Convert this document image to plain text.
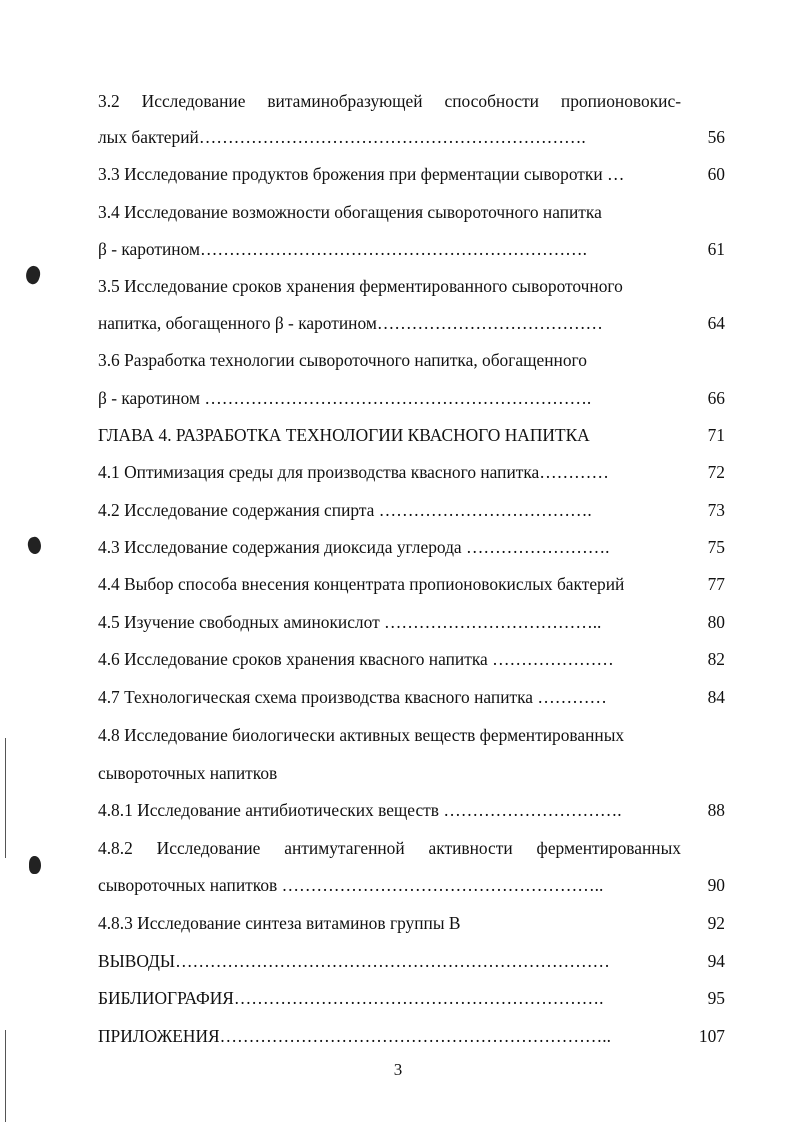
3.2 Исследование витаминобразующей способности пропионовокис-
лых бактерий………………………………………………………….	56
3.3 Исследование продуктов брожения при ферментации сыворотки …	60
3.4 Исследование возможности обогащения сывороточного напитка
β - каротином………………………………………………………….	61
3.5 Исследование сроков хранения ферментированного сывороточного
напитка, обогащенного β - каротином…………………………………	64
3.6 Разработка технологии сывороточного напитка, обогащенного
β - каротином ………………………………………………………….	66
ГЛАВА 4. РАЗРАБОТКА ТЕХНОЛОГИИ КВАСНОГО НАПИТКА	71
4.1 Оптимизация среды для производства квасного напитка…………	72
4.2 Исследование содержания спирта ……………………………….	73
4.3 Исследование содержания диоксида углерода …………………….	75
4.4 Выбор способа внесения концентрата пропионовокислых бактерий	77
4.5 Изучение свободных аминокислот ………………………………..	80
4.6 Исследование сроков хранения квасного напитка …………………	82
4.7 Технологическая схема производства квасного напитка …………	84
4.8 Исследование биологически активных веществ ферментированных
сывороточных напитков
4.8.1 Исследование антибиотических веществ ………………………….	88
4.8.2 Исследование антимутагенной активности ферментированных
сывороточных напитков ………………………………………………..	90
4.8.3 Исследование синтеза витаминов группы В	92
ВЫВОДЫ…………………………………………………………………	94
БИБЛИОГРАФИЯ……………………………………………………….	95
ПРИЛОЖЕНИЯ…………………………………………………………..	107
3
